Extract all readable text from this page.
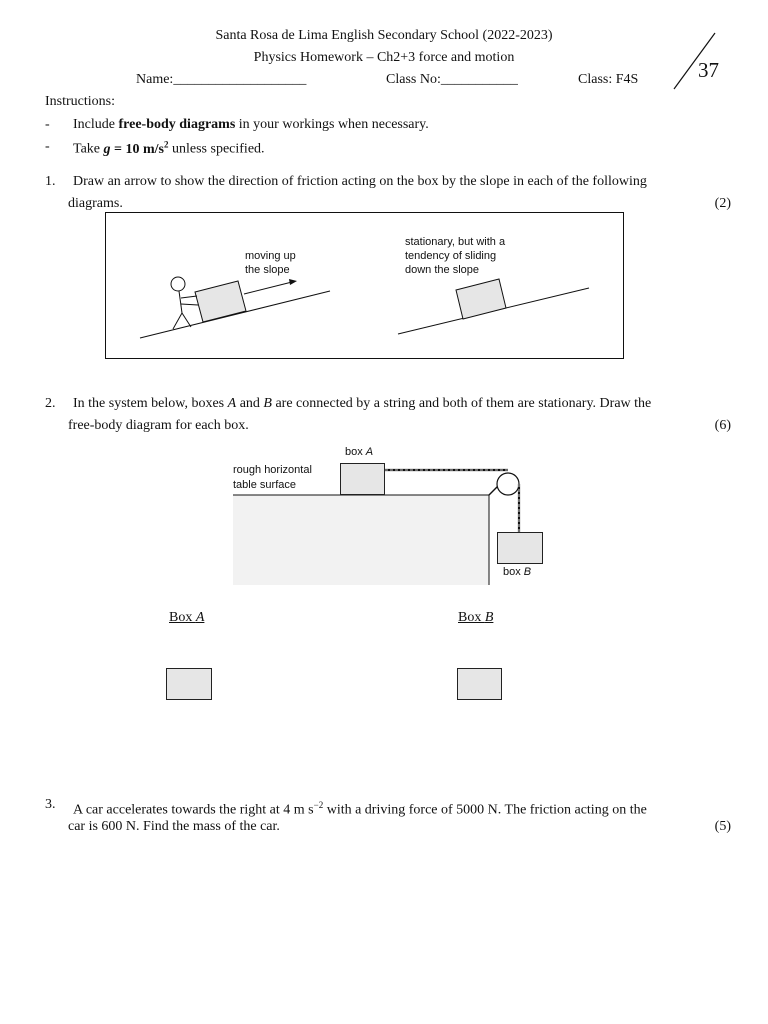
Santa Rosa de Lima English Secondary School (2022-2023)
Physics Homework – Ch2+3 force and motion
Name:___________________	Class No:___________	Class: F4S	37
Instructions:
- Include free-body diagrams in your workings when necessary.
- Take g = 10 $m/s^2$ unless specified.
1. Draw an arrow to show the direction of friction acting on the box by the slope in each of the following
diagrams.	(2)
moving up
the slope
stationary, but with a
tendency of sliding
down the slope
2. In the system below, boxes A and B are connected by a string and both of them are stationary. Draw the
free-body diagram for each box.	(6)
box A
box B
rough horizontal
table surface
Box A	Box B
3. A car accelerates towards the right at 4 m $s^{-2}$ with a driving force of 5000 N. The friction acting on the
car is 600 N. Find the mass of the car.	(5)
